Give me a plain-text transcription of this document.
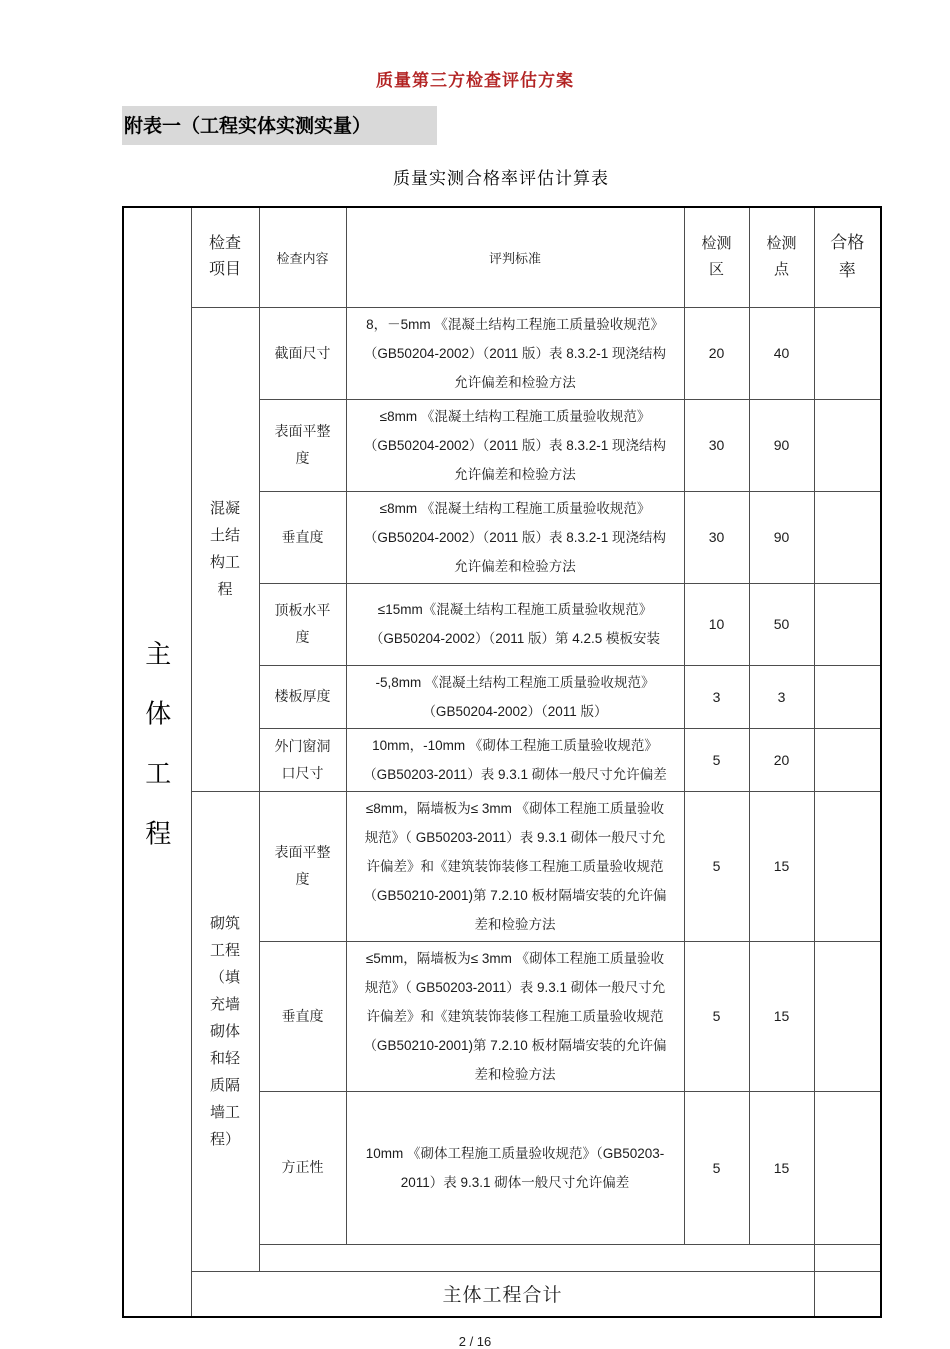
质量第三方检查评估方案
附表一（工程实体实测实量）
质量实测合格率评估计算表
主体工程	检查项目	检查内容	评判标准	检测区	检测点	合格率
	混凝土结构工程	截面尺寸	8，－5mm 《混凝土结构工程施工质量验收规范》（GB50204-2002）（2011 版）表 8.3.2-1 现浇结构允许偏差和检验方法	20	40	
		表面平整度	≤8mm 《混凝土结构工程施工质量验收规范》（GB50204-2002）（2011 版）表 8.3.2-1 现浇结构允许偏差和检验方法	30	90	
		垂直度	≤8mm 《混凝土结构工程施工质量验收规范》（GB50204-2002）（2011 版）表 8.3.2-1 现浇结构允许偏差和检验方法	30	90	
		顶板水平度	≤15mm《混凝土结构工程施工质量验收规范》（GB50204-2002）（2011 版）第 4.2.5 模板安装	10	50	
		楼板厚度	-5,8mm 《混凝土结构工程施工质量验收规范》（GB50204-2002）（2011 版）	3	3	
		外门窗洞口尺寸	10mm，-10mm 《砌体工程施工质量验收规范》（GB50203-2011）表 9.3.1 砌体一般尺寸允许偏差	5	20	
	砌筑工程（填充墙砌体和轻质隔墙工程）	表面平整度	≤8mm，隔墙板为≤ 3mm 《砌体工程施工质量验收规范》（ GB50203-2011）表 9.3.1 砌体一般尺寸允许偏差》和《建筑装饰装修工程施工质量验收规范（GB50210-2001)第 7.2.10 板材隔墙安装的允许偏差和检验方法	5	15	
		垂直度	≤5mm，隔墙板为≤ 3mm 《砌体工程施工质量验收规范》（ GB50203-2011）表 9.3.1 砌体一般尺寸允许偏差》和《建筑装饰装修工程施工质量验收规范（GB50210-2001)第 7.2.10 板材隔墙安装的允许偏差和检验方法	5	15	
		方正性	10mm 《砌体工程施工质量验收规范》（GB50203-2011）表 9.3.1 砌体一般尺寸允许偏差	5	15	

	主体工程合计					
2 / 16
